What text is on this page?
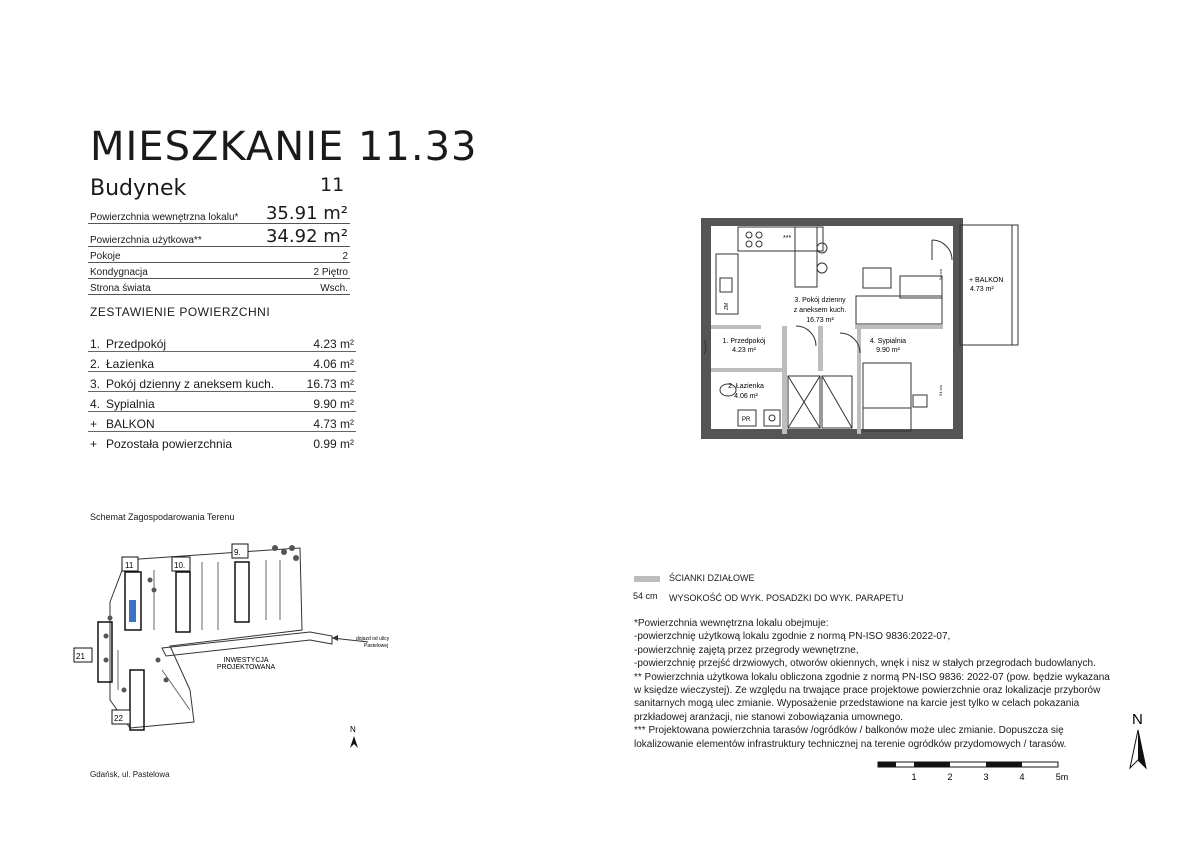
MIESZKANIE 11.33
Budynek	11
Powierzchnia wewnętrzna lokalu* 35.91 m²
Powierzchnia użytkowa**	34.92 m²
Pokoje	2
Kondygnacja	2 Piętro
Strona świata	Wsch.
ZESTAWIENIE POWIERZCHNI
1. Przedpokój	4.23 m²
2. Łazienka	4.06 m²
3. Pokój dzienny z aneksem kuch.	16.73 m²
4. Sypialnia	9.90 m²
+ BALKON	4.73 m²
+ Pozostała powierzchnia	0.99 m²
***
ZM
+ BALKON
4.73 m²
PR
54 cm
54 cm
3. Pokój dzienny
z aneksem kuch.
16.73 m²
1. Przedpokój
4.23 m²
2. Łazienka
4.06 m²
4. Sypialnia
9.90 m²
Schemat Zagospodarowania Terenu
11	10.
9.
21
22
INWESTYCJA
PROJEKTOWANA
dojazd od ulicy
Pastelowej
N
Gdańsk, ul. Pastelowa
ŚCIANKI DZIAŁOWE
54 cm WYSOKOŚĆ OD WYK. POSADZKI DO WYK. PARAPETU
*Powierzchnia wewnętrzna lokalu obejmuje:
-powierzchnię użytkową lokalu zgodnie z normą PN-ISO 9836:2022-07,
-powierzchnię zajętą przez przegrody wewnętrzne,
-powierzchnię przejść drzwiowych, otworów okiennych, wnęk i nisz w stałych przegrodach budowlanych.
** Powierzchnia użytkowa lokalu obliczona zgodnie z normą PN-ISO 9836: 2022-07 (pow. będzie wykazana
w księdze wieczystej). Ze względu na trwające prace projektowe powierzchnie oraz lokalizacje przyborów
sanitarnych mogą ulec zmianie. Wyposażenie przedstawione na karcie jest tylko w celach pokazania
przkładowej aranżacji, nie stanowi zobowiązania umownego.
*** Projektowana powierzchnia tarasów /ogródków / balkonów może ulec zmianie. Dopuszcza się
lokalizowanie elementów infrastruktury technicznej na terenie ogródków przydomowych / tarasów.
1	2	3	4	5m
N
